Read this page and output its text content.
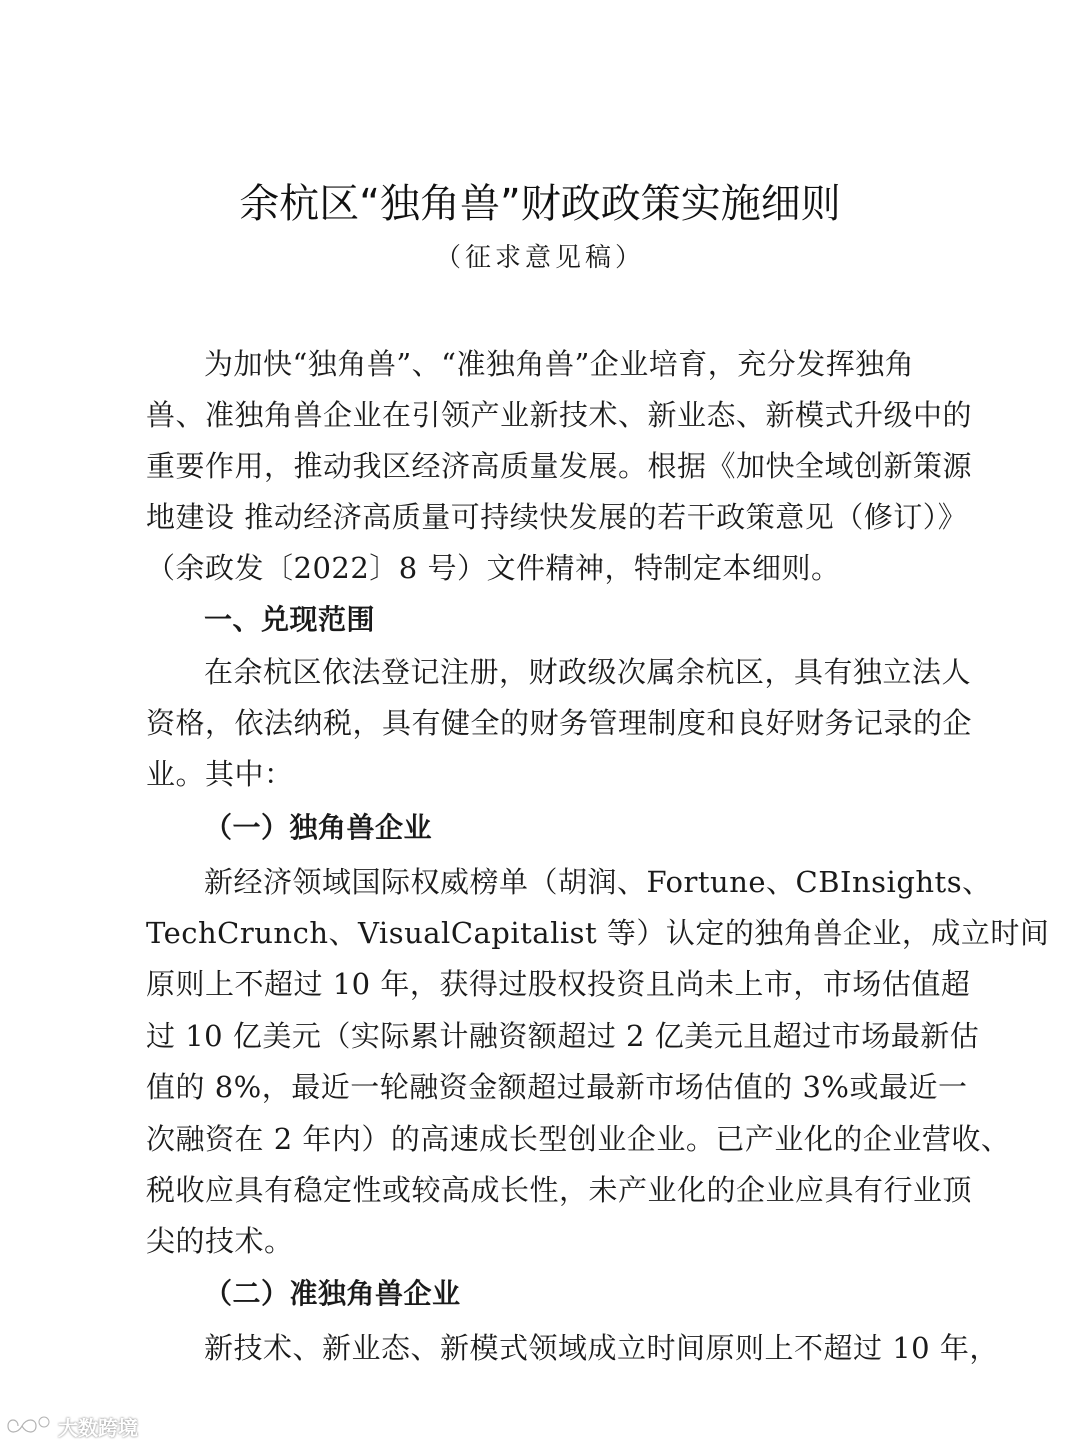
余杭区“独角兽”财政政策实施细则
（征求意见稿）
为加快“独角兽”、“准独角兽”企业培育，充分发挥独角
兽、准独角兽企业在引领产业新技术、新业态、新模式升级中的
重要作用，推动我区经济高质量发展。根据《加快全域创新策源
地建设 推动经济高质量可持续快发展的若干政策意见（修订）》
（余政发〔2022〕8 号）文件精神，特制定本细则。
一、兑现范围
在余杭区依法登记注册，财政级次属余杭区，具有独立法人
资格，依法纳税，具有健全的财务管理制度和良好财务记录的企
业。其中：
（一）独角兽企业
新经济领域国际权威榜单（胡润、Fortune、CBInsights、
TechCrunch、VisualCapitalist 等）认定的独角兽企业，成立时间
原则上不超过 10 年，获得过股权投资且尚未上市，市场估值超
过 10 亿美元（实际累计融资额超过 2 亿美元且超过市场最新估
值的 8%，最近一轮融资金额超过最新市场估值的 3%或最近一
次融资在 2 年内）的高速成长型创业企业。已产业化的企业营收、
税收应具有稳定性或较高成长性，未产业化的企业应具有行业顶
尖的技术。
（二）准独角兽企业
新技术、新业态、新模式领域成立时间原则上不超过 10 年，
大数跨境
